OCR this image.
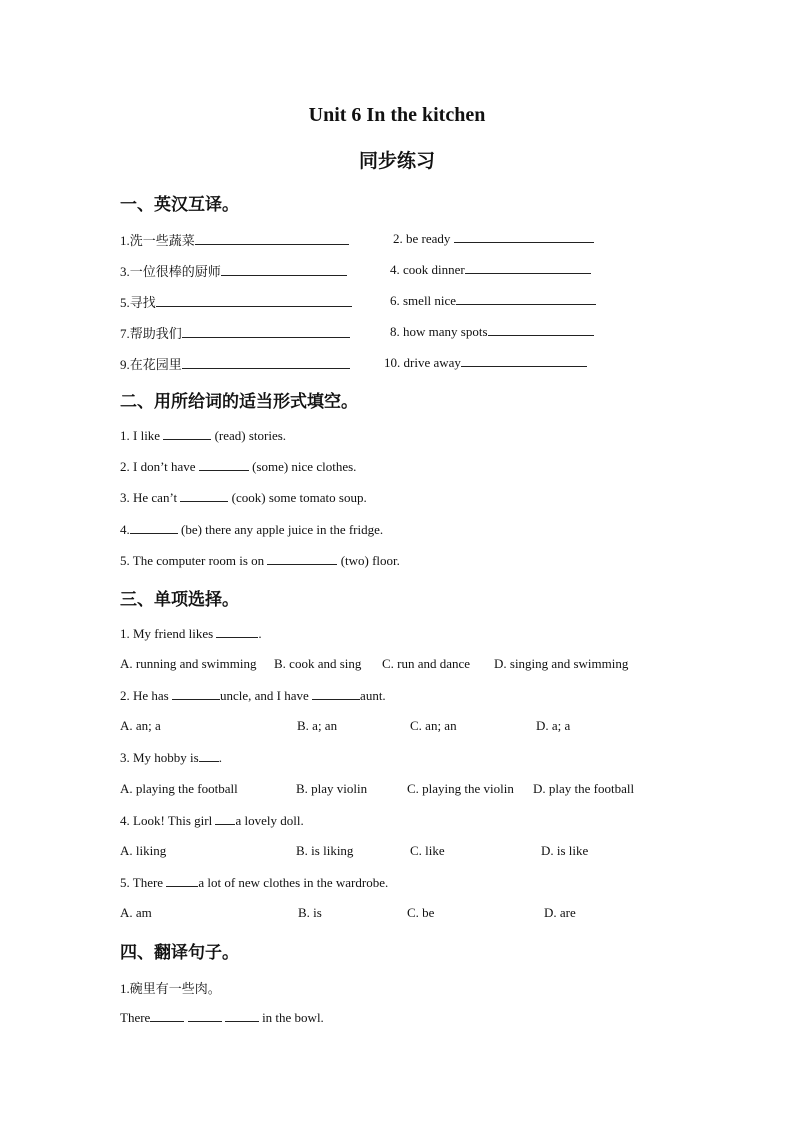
Unit 6 In the kitchen
同步练习
一、英汉互译。
1.洗一些蔬菜	2. be ready
3.一位很棒的厨师	4. cook dinner
5.寻找	6. smell nice
7.帮助我们	8. how many spots
9.在花园里	10. drive away
二、用所给词的适当形式填空。
1. I like	(read) stories.
2. I don’t have	(some) nice clothes.
3. He can’t	(cook) some tomato soup.
4.	(be) there any apple juice in the fridge.
5. The computer room is on	(two) floor.
三、单项选择。
1. My friend likes	.
A. running and swimming B. cook and sing C. run and dance D. singing and swimming
2. He has	uncle, and I have	aunt.
A. an; a	B. a; an	C. an; an	D. a; a
3. My hobby is .
A. playing the football	B. play violin	C. playing the violin D. play the football
4. Look! This girl a lovely doll.
A. liking	B. is liking	C. like	D. is like
5. There	a lot of new clothes in the wardrobe.
A. am	B. is	C. be	D. are
四、翻译句子。
1.碗里有一些肉。
There	in the bowl.
